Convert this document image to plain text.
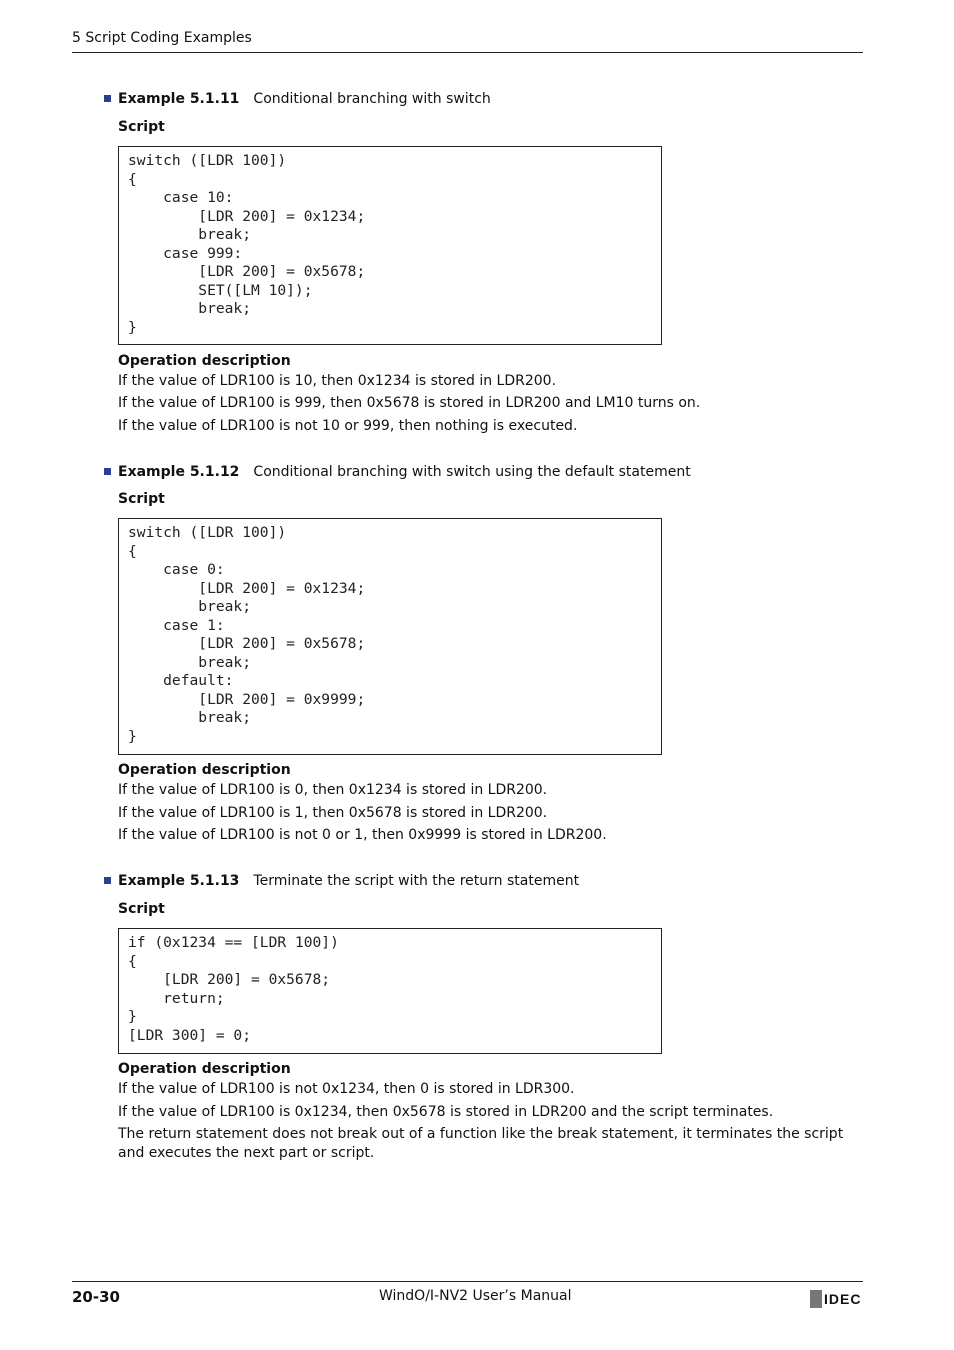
5 Script Coding Examples
Example 5.1.11 Conditional branching with switch
Script
switch ([LDR 100])
{
case 10:
[LDR 200] = 0x1234;
break;
case 999:
[LDR 200] = 0x5678;
SET([LM 10]);
break;
}
Operation description
If the value of LDR100 is 10, then 0x1234 is stored in LDR200.
If the value of LDR100 is 999, then 0x5678 is stored in LDR200 and LM10 turns on.
If the value of LDR100 is not 10 or 999, then nothing is executed.
Example 5.1.12 Conditional branching with switch using the default statement
Script
switch ([LDR 100])
{
case 0:
[LDR 200] = 0x1234;
break;
case 1:
[LDR 200] = 0x5678;
break;
default:
[LDR 200] = 0x9999;
break;
}
Operation description
If the value of LDR100 is 0, then 0x1234 is stored in LDR200.
If the value of LDR100 is 1, then 0x5678 is stored in LDR200.
If the value of LDR100 is not 0 or 1, then 0x9999 is stored in LDR200.
Example 5.1.13 Terminate the script with the return statement
Script
if (0x1234 == [LDR 100])
{
[LDR 200] = 0x5678;
return;
}
[LDR 300] = 0;
Operation description
If the value of LDR100 is not 0x1234, then 0 is stored in LDR300.
If the value of LDR100 is 0x1234, then 0x5678 is stored in LDR200 and the script terminates.
The return statement does not break out of a function like the break statement, it terminates the script and executes the next part or script.
20-30	WindO/I-NV2 User’s Manual	IDEC
